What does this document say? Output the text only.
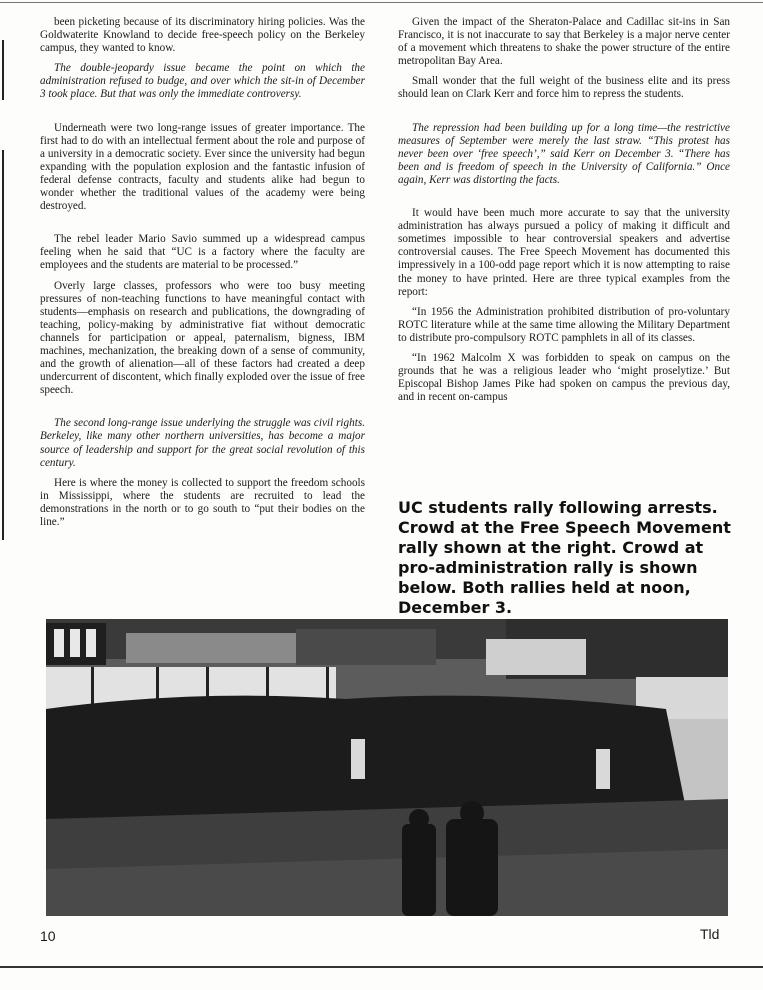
been picketing because of its discriminatory hiring policies. Was the Goldwaterite Knowland to decide free-speech policy on the Berkeley campus, they wanted to know.

The double-jeopardy issue became the point on which the administration refused to budge, and over which the sit-in of December 3 took place. But that was only the immediate controversy.

Underneath were two long-range issues of greater importance. The first had to do with an intellectual ferment about the role and purpose of a university in a democratic society. Ever since the university had begun expanding with the population explosion and the fantastic infusion of federal defense contracts, faculty and students alike had begun to wonder whether the traditional values of the academy were being destroyed.

The rebel leader Mario Savio summed up a widespread campus feeling when he said that “UC is a factory where the faculty are employees and the students are material to be processed.”

Overly large classes, professors who were too busy meeting pressures of non-teaching functions to have meaningful contact with students—emphasis on research and publications, the downgrading of teaching, policy-making by administrative fiat without democratic channels for participation or appeal, paternalism, bigness, IBM machines, mechanization, the breaking down of a sense of community, and the growth of alienation—all of these factors had created a deep undercurrent of discontent, which finally exploded over the issue of free speech.

The second long-range issue underlying the struggle was civil rights. Berkeley, like many other northern universities, has become a major source of leadership and support for the great social revolution of this century.

Here is where the money is collected to support the freedom schools in Mississippi, where the students are recruited to lead the demonstrations in the north or to go south to “put their bodies on the line.”

Given the impact of the Sheraton-Palace and Cadillac sit-ins in San Francisco, it is not inaccurate to say that Berkeley is a major nerve center of a movement which threatens to shake the power structure of the entire metropolitan Bay Area.

Small wonder that the full weight of the business elite and its press should lean on Clark Kerr and force him to repress the students.

The repression had been building up for a long time—the restrictive measures of September were merely the last straw. “This protest has never been over ‘free speech’,” said Kerr on December 3. “There has been and is freedom of speech in the University of California.” Once again, Kerr was distorting the facts.

It would have been much more accurate to say that the university administration has always pursued a policy of making it difficult and sometimes impossible to hear controversial speakers and advertise controversial causes. The Free Speech Movement has documented this impressively in a 100-odd page report which it is now attempting to raise the money to have printed. Here are three typical examples from the report:

“In 1956 the Administration prohibited distribution of pro-voluntary ROTC literature while at the same time allowing the Military Department to distribute pro-compulsory ROTC pamphlets in all of its classes.

“In 1962 Malcolm X was forbidden to speak on campus on the grounds that he was a religious leader who ‘might proselytize.’ But Episcopal Bishop James Pike had spoken on campus the previous day, and in recent on-campus

UC students rally following arrests. Crowd at the Free Speech Movement rally shown at the right. Crowd at pro-administration rally is shown below. Both rallies held at noon, December 3.
10	Tld
